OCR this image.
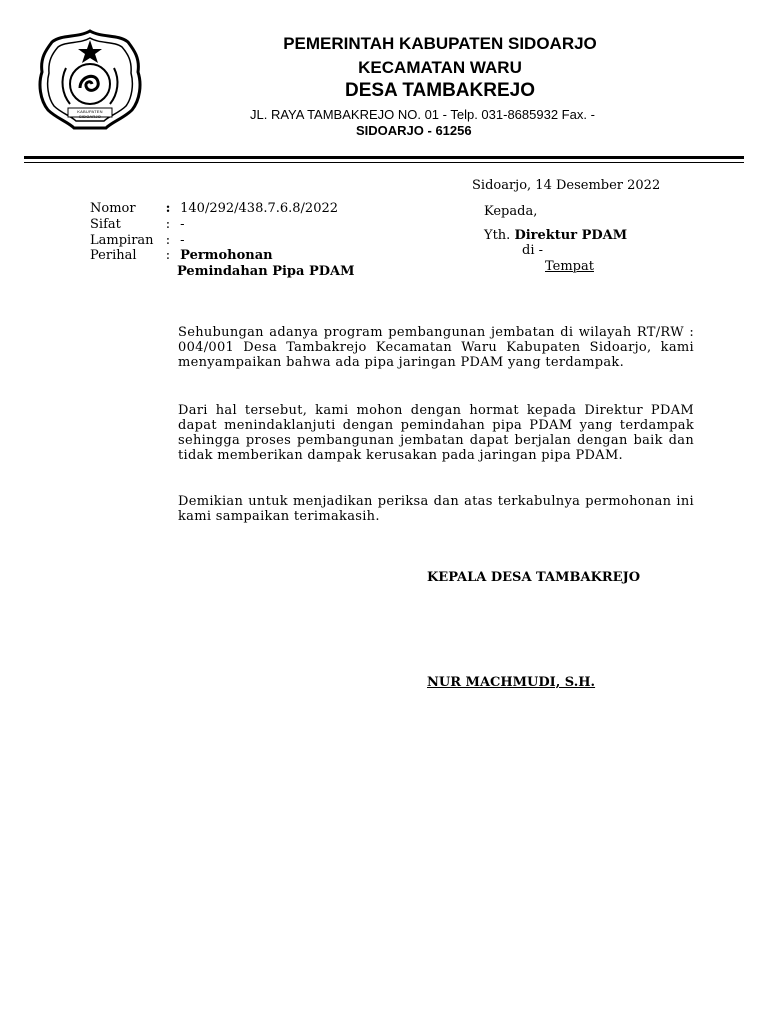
KABUPATEN SIDOARJO
PEMERINTAH KABUPATEN SIDOARJO
KECAMATAN WARU
DESA TAMBAKREJO
JL. RAYA TAMBAKREJO NO. 01 - Telp. 031-8685932 Fax. -
SIDOARJO - 61256
Sidoarjo, 14 Desember 2022
Nomor : 140/292/438.7.6.8/2022
Sifat	: -
Lampiran : -
Perihal : Permohonan
Pemindahan Pipa PDAM
Kepada,
Yth. Direktur PDAM
di -
Tempat
Sehubungan adanya program pembangunan jembatan di wilayah RT/RW : 004/001 Desa Tambakrejo Kecamatan Waru Kabupaten Sidoarjo, kami menyampaikan bahwa ada pipa jaringan PDAM yang terdampak.
Dari hal tersebut, kami mohon dengan hormat kepada Direktur PDAM dapat menindaklanjuti dengan pemindahan pipa PDAM yang terdampak sehingga proses pembangunan jembatan dapat berjalan dengan baik dan tidak memberikan dampak kerusakan pada jaringan pipa PDAM.
Demikian untuk menjadikan periksa dan atas terkabulnya permohonan ini kami sampaikan terimakasih.
KEPALA DESA TAMBAKREJO
NUR MACHMUDI, S.H.
